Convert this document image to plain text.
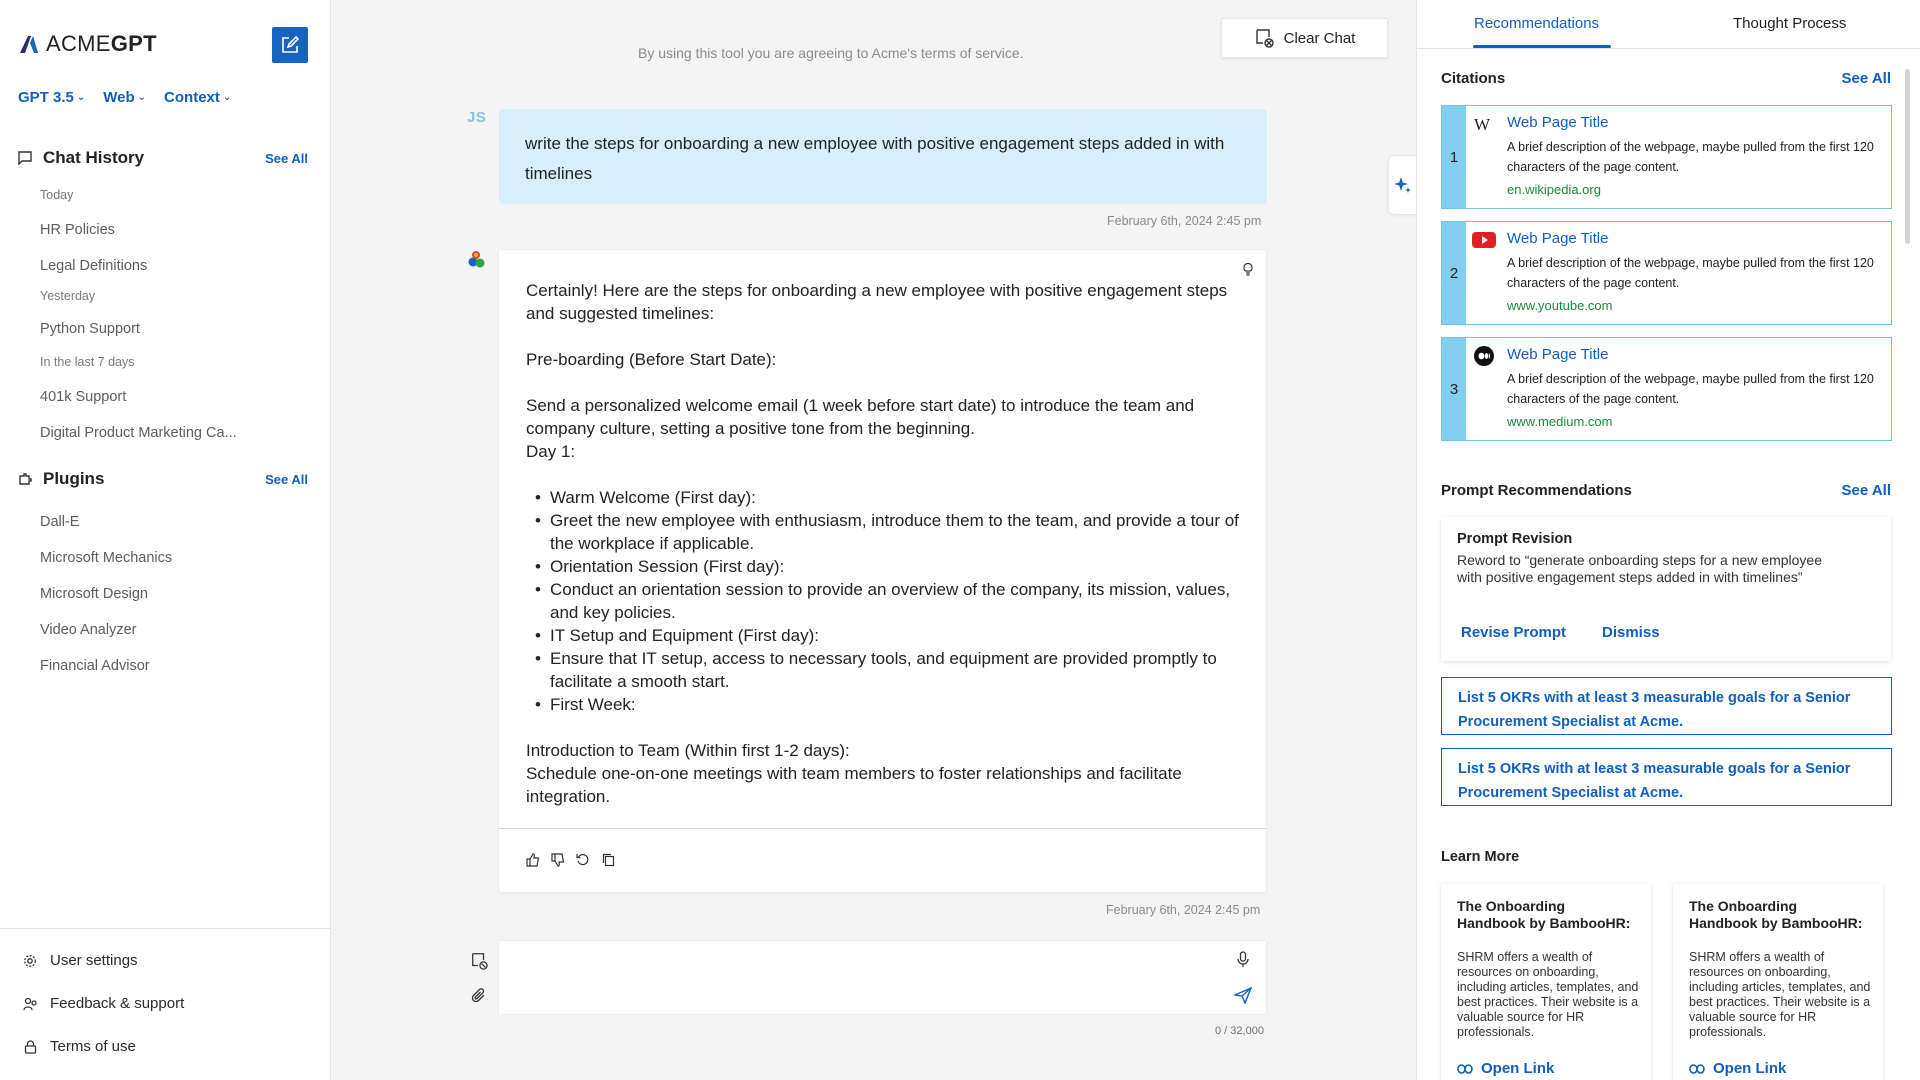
ACMEGPT
GPT 3.5 ⌄ Web ⌄ Context ⌄
Chat History	See All
Today
HR Policies
Legal Definitions
Yesterday
Python Support
In the last 7 days
401k Support
Digital Product Marketing Ca...
Plugins	See All
Dall-E
Microsoft Mechanics
Microsoft Design
Video Analyzer
Financial Advisor
User settings
Feedback & support
Terms of use
By using this tool you are agreeing to Acme's terms of service.
Clear Chat
JS
write the steps for onboarding a new employee with positive engagement steps added in with timelines
February 6th, 2024 2:45 pm

Certainly! Here are the steps for onboarding a new employee with positive engagement steps and suggested timelines:

Pre-boarding (Before Start Date):

Send a personalized welcome email (1 week before start date) to introduce the team and company culture, setting a positive tone from the beginning.

Day 1:

• Warm Welcome (First day):
• Greet the new employee with enthusiasm, introduce them to the team, and provide a tour of the workplace if applicable.
• Orientation Session (First day):
• Conduct an orientation session to provide an overview of the company, its mission, values, and key policies.
• IT Setup and Equipment (First day):
• Ensure that IT setup, access to necessary tools, and equipment are provided promptly to facilitate a smooth start.
• First Week:

Introduction to Team (Within first 1-2 days):

Schedule one-on-one meetings with team members to foster relationships and facilitate integration.

February 6th, 2024 2:45 pm
0 / 32,000
Recommendations	Thought Process
Citations	See All
1
W Web Page Title
A brief description of the webpage, maybe pulled from the first 120 characters of the page content.
en.wikipedia.org
2
Web Page Title
A brief description of the webpage, maybe pulled from the first 120 characters of the page content.
www.youtube.com
3
Web Page Title
A brief description of the webpage, maybe pulled from the first 120 characters of the page content.
www.medium.com
Prompt Recommendations	See All
Prompt Revision
Reword to “generate onboarding steps for a new employee with positive engagement steps added in with timelines”
Revise Prompt Dismiss
List 5 OKRs with at least 3 measurable goals for a Senior Procurement Specialist at Acme.
List 5 OKRs with at least 3 measurable goals for a Senior Procurement Specialist at Acme.
Learn More
The Onboarding Handbook by BambooHR:
SHRM offers a wealth of resources on onboarding, including articles, templates, and best practices. Their website is a valuable source for HR professionals.
Open Link
The Onboarding Handbook by BambooHR:
SHRM offers a wealth of resources on onboarding, including articles, templates, and best practices. Their website is a valuable source for HR professionals.
Open Link
